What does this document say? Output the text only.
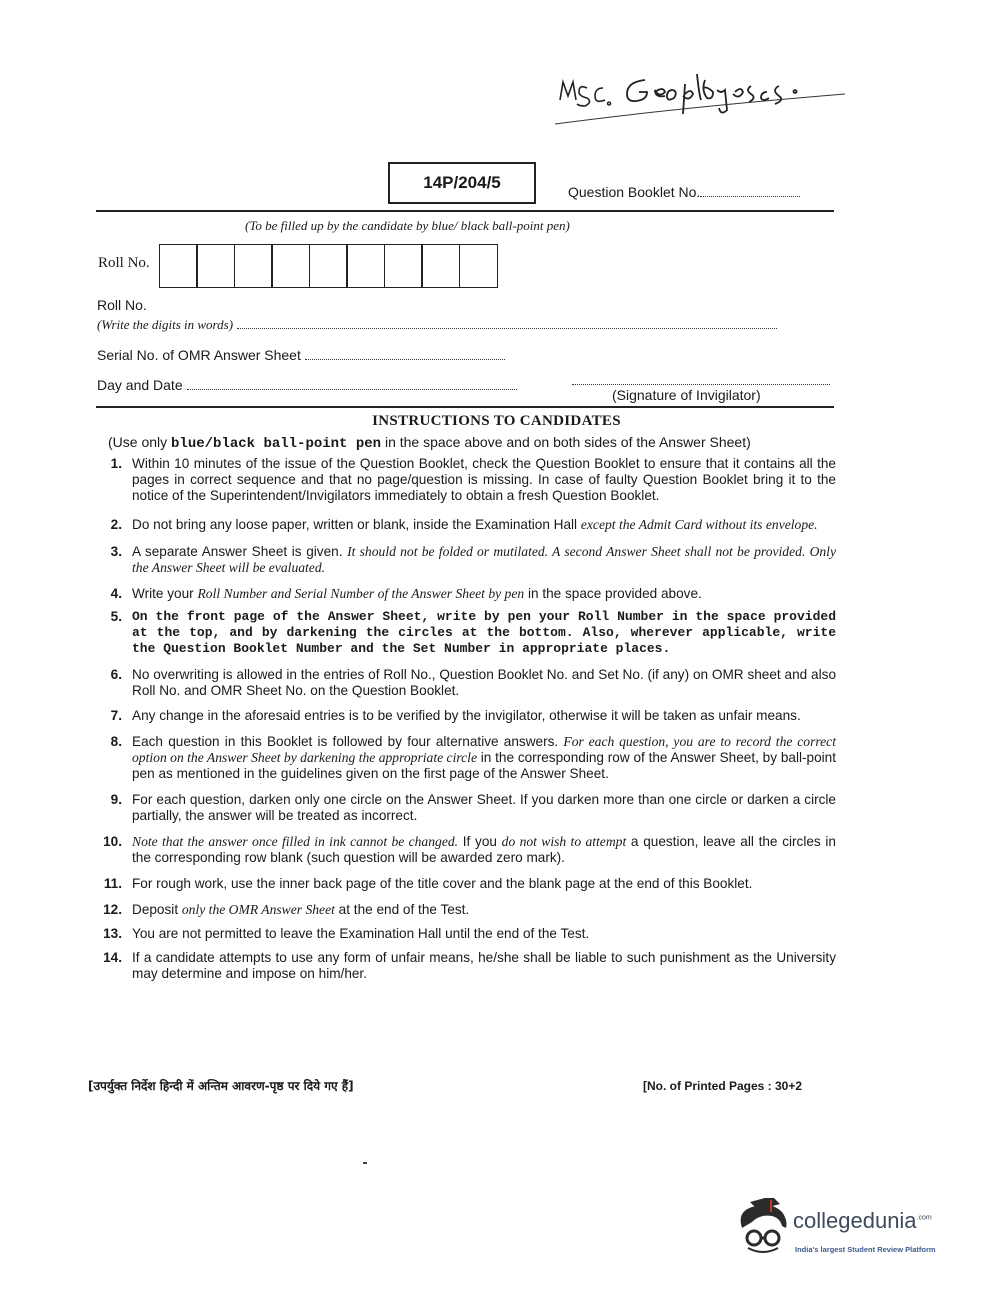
14P/204/5	Question Booklet No.
(To be filled up by the candidate by blue/ black ball-point pen)
Roll No.
Roll No.
(Write the digits in words)
Serial No. of OMR Answer Sheet
Day and Date
(Signature of Invigilator)
INSTRUCTIONS TO CANDIDATES
(Use only blue/black ball-point pen in the space above and on both sides of the Answer Sheet)
1. Within 10 minutes of the issue of the Question Booklet, check the Question Booklet to ensure that it contains all the pages in correct sequence and that no page/question is missing. In case of faulty Question Booklet bring it to the notice of the Superintendent/Invigilators immediately to obtain a fresh Question Booklet.
2. Do not bring any loose paper, written or blank, inside the Examination Hall except the Admit Card without its envelope.
3. A separate Answer Sheet is given. It should not be folded or mutilated. A second Answer Sheet shall not be provided. Only the Answer Sheet will be evaluated.
4. Write your Roll Number and Serial Number of the Answer Sheet by pen in the space provided above.
5. On the front page of the Answer Sheet, write by pen your Roll Number in the space provided at the top, and by darkening the circles at the bottom. Also, wherever applicable, write the Question Booklet Number and the Set Number in appropriate places.
6. No overwriting is allowed in the entries of Roll No., Question Booklet No. and Set No. (if any) on OMR sheet and also Roll No. and OMR Sheet No. on the Question Booklet.
7. Any change in the aforesaid entries is to be verified by the invigilator, otherwise it will be taken as unfair means.
8. Each question in this Booklet is followed by four alternative answers. For each question, you are to record the correct option on the Answer Sheet by darkening the appropriate circle in the corresponding row of the Answer Sheet, by ball-point pen as mentioned in the guidelines given on the first page of the Answer Sheet.
9. For each question, darken only one circle on the Answer Sheet. If you darken more than one circle or darken a circle partially, the answer will be treated as incorrect.
10. Note that the answer once filled in ink cannot be changed. If you do not wish to attempt a question, leave all the circles in the corresponding row blank (such question will be awarded zero mark).
11. For rough work, use the inner back page of the title cover and the blank page at the end of this Booklet.
12. Deposit only the OMR Answer Sheet at the end of the Test.
13. You are not permitted to leave the Examination Hall until the end of the Test.
14. If a candidate attempts to use any form of unfair means, he/she shall be liable to such punishment as the University may determine and impose on him/her.
[उपर्युक्त निर्देश हिन्दी में अन्तिम आवरण-पृष्ठ पर दिये गए हैं]	[No. of Printed Pages : 30+2
collegedunia$^{.com}$
India's largest Student Review Platform
